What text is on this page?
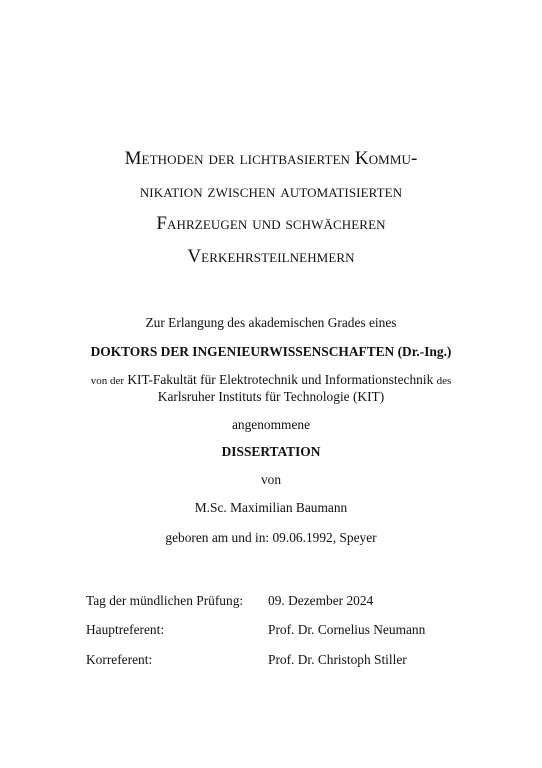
Methoden der lichtbasierten Kommu-
nikation zwischen automatisierten
Fahrzeugen und schwächeren
Verkehrsteilnehmern
Zur Erlangung des akademischen Grades eines
DOKTORS DER INGENIEURWISSENSCHAFTEN (Dr.-Ing.)
von der KIT-Fakultät für Elektrotechnik und Informationstechnik des
Karlsruher Instituts für Technologie (KIT)
angenommene
DISSERTATION
von
M.Sc. Maximilian Baumann
geboren am und in: 09.06.1992, Speyer
Tag der mündlichen Prüfung: 09. Dezember 2024
Hauptreferent:	Prof. Dr. Cornelius Neumann
Korreferent:	Prof. Dr. Christoph Stiller
